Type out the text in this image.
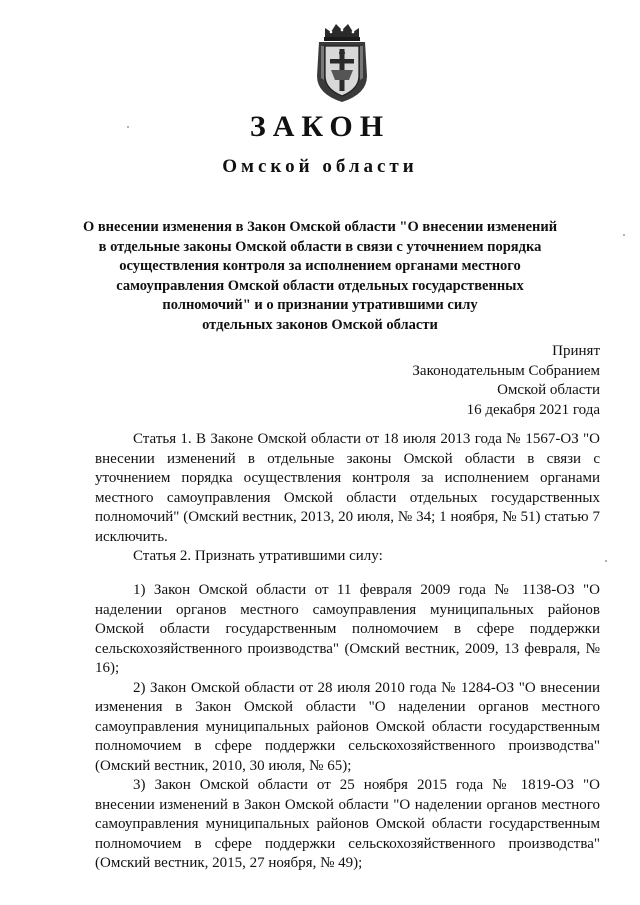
ЗАКОН
Омской области
О внесении изменения в Закон Омской области "О внесении изменений
в отдельные законы Омской области в связи с уточнением порядка
осуществления контроля за исполнением органами местного
самоуправления Омской области отдельных государственных
полномочий" и о признании утратившими силу
отдельных законов Омской области
Принят
Законодательным Собранием
Омской области
16 декабря 2021 года

Статья 1. В Законе Омской области от 18 июля 2013 года № 1567-ОЗ "О внесении изменений в отдельные законы Омской области в связи с уточнением порядка осуществления контроля за исполнением органами местного самоуправления Омской области отдельных государственных полномочий" (Омский вестник, 2013, 20 июля, № 34; 1 ноября, № 51) статью 7 исключить.

Статья 2. Признать утратившими силу:

1) Закон Омской области от 11 февраля 2009 года № 1138-ОЗ "О наделении органов местного самоуправления муниципальных районов Омской области государственным полномочием в сфере поддержки сельскохозяйственного производства" (Омский вестник, 2009, 13 февраля, № 16);

2) Закон Омской области от 28 июля 2010 года № 1284-ОЗ "О внесении изменения в Закон Омской области "О наделении органов местного самоуправления муниципальных районов Омской области государственным полномочием в сфере поддержки сельскохозяйственного производства" (Омский вестник, 2010, 30 июля, № 65);

3) Закон Омской области от 25 ноября 2015 года № 1819-ОЗ "О внесении изменений в Закон Омской области "О наделении органов местного самоуправления муниципальных районов Омской области государственным полномочием в сфере поддержки сельскохозяйственного производства" (Омский вестник, 2015, 27 ноября, № 49);
